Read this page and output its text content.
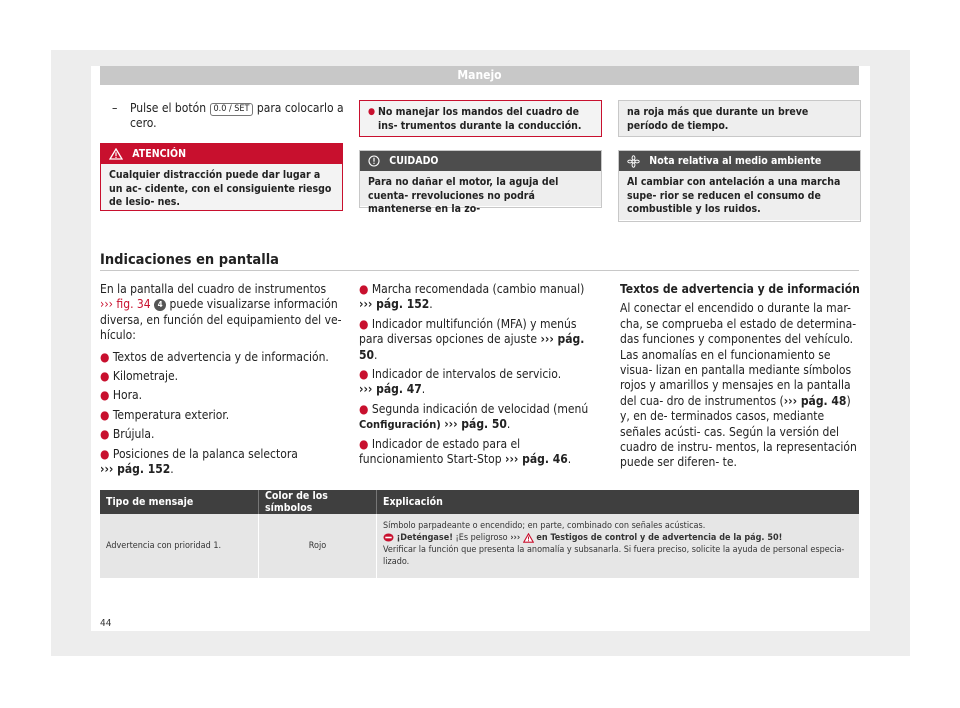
Manejo
– Pulse el botón 0.0 / SET para colocarlo a cero.
ATENCIÓN
Cualquier distracción puede dar lugar a un ac- cidente, con el consiguiente riesgo de lesio- nes.
● No manejar los mandos del cuadro de ins- trumentos durante la conducción.
CUIDADO
Para no dañar el motor, la aguja del cuenta- rrevoluciones no podrá mantenerse en la zo-
na roja más que durante un breve período de tiempo.
Nota relativa al medio ambiente
Al cambiar con antelación a una marcha supe- rior se reducen el consumo de combustible y los ruidos.
Indicaciones en pantalla

En la pantalla del cuadro de instrumentos ››› fig. 34 4 puede visualizarse información diversa, en función del equipamiento del ve- hículo:

● Textos de advertencia y de información.
● Kilometraje.
● Hora.
● Temperatura exterior.
● Brújula.
● Posiciones de la palanca selectora
››› pág. 152.
● Marcha recomendada (cambio manual)
››› pág. 152.
● Indicador multifunción (MFA) y menús para diversas opciones de ajuste ››› pág. 50.
● Indicador de intervalos de servicio.
››› pág. 47.
● Segunda indicación de velocidad (menú
Configuración) ››› pág. 50.
● Indicador de estado para el funcionamiento Start-Stop ››› pág. 46.

Textos de advertencia y de información

Al conectar el encendido o durante la mar- cha, se comprueba el estado de determina- das funciones y componentes del vehículo. Las anomalías en el funcionamiento se visua- lizan en pantalla mediante símbolos rojos y amarillos y mensajes en la pantalla del cua- dro de instrumentos (››› pág. 48) y, en de- terminados casos, mediante señales acústi- cas. Según la versión del cuadro de instru- mentos, la representación puede ser diferen- te.

Tipo de mensaje	Color de los símbolos	Explicación
Advertencia con prioridad 1.	Rojo	Símbolo parpadeante o encendido; en parte, combinado con señales acústicas.
¡Deténgase! ¡Es peligroso ››› en Testigos de control y de advertencia de la pág. 50!
Verificar la función que presenta la anomalía y subsanarla. Si fuera preciso, solicite la ayuda de personal especia- lizado.
44
